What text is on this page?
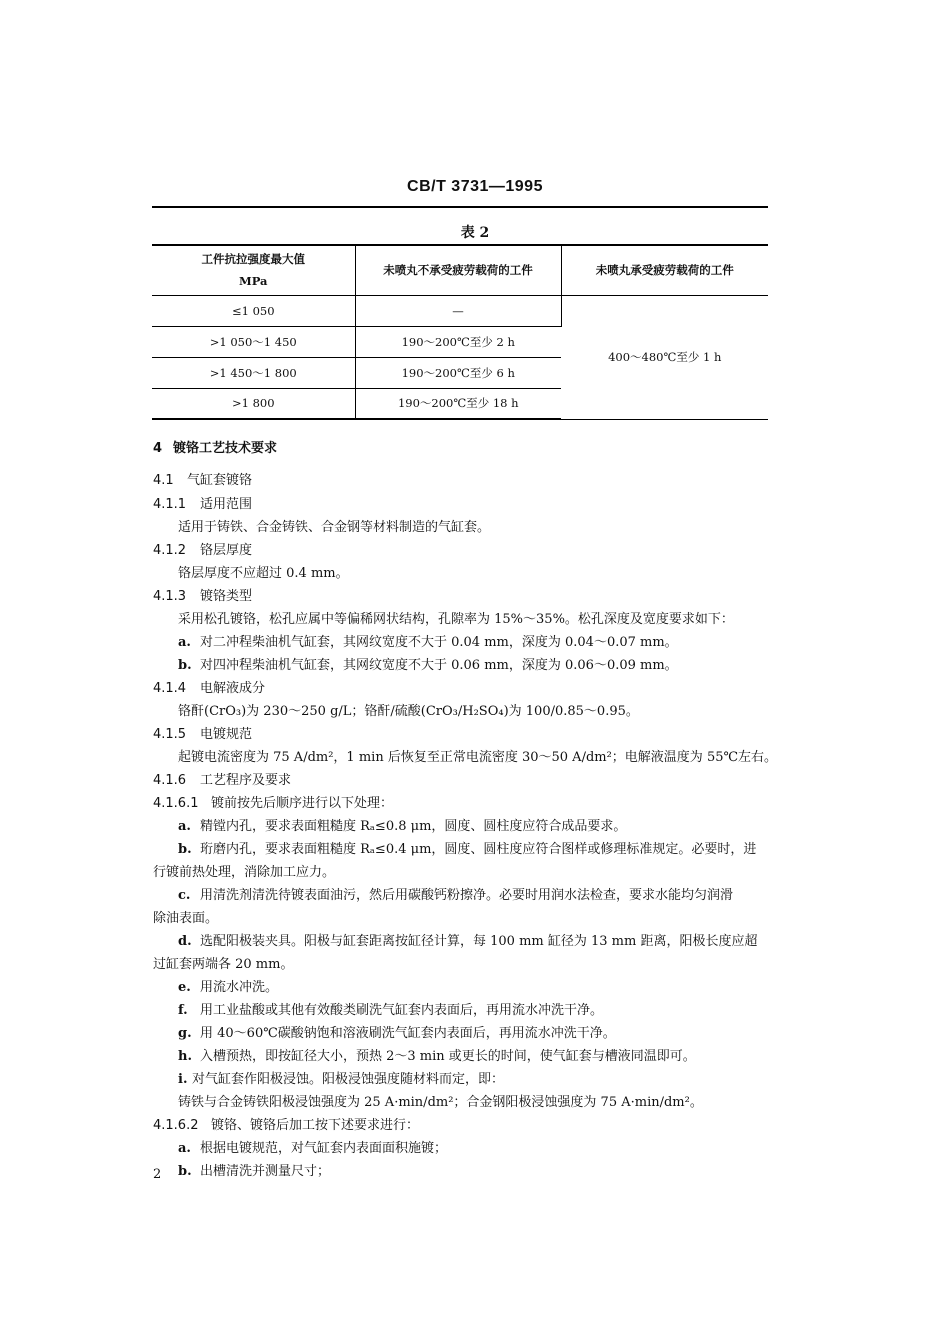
CB/T 3731—1995
表 2
工件抗拉强度最大值
MPa	未喷丸不承受疲劳载荷的工件	未喷丸承受疲劳载荷的工件
≤1 050	—	400～480℃至少 1 h
>1 050～1 450	190～200℃至少 2 h	
>1 450～1 800	190～200℃至少 6 h	
>1 800	190～200℃至少 18 h	
4 镀铬工艺技术要求
4.1 气缸套镀铬
4.1.1 适用范围
适用于铸铁、合金铸铁、合金钢等材料制造的气缸套。
4.1.2 铬层厚度
铬层厚度不应超过 0.4 mm。
4.1.3 镀铬类型
采用松孔镀铬，松孔应属中等偏稀网状结构，孔隙率为 15%～35%。松孔深度及宽度要求如下：
a. 对二冲程柴油机气缸套，其网纹宽度不大于 0.04 mm，深度为 0.04～0.07 mm。
b. 对四冲程柴油机气缸套，其网纹宽度不大于 0.06 mm，深度为 0.06～0.09 mm。
4.1.4 电解液成分
铬酐(CrO₃)为 230～250 g/L；铬酐/硫酸(CrO₃/H₂SO₄)为 100/0.85～0.95。
4.1.5 电镀规范
起镀电流密度为 75 A/dm²，1 min 后恢复至正常电流密度 30～50 A/dm²；电解液温度为 55℃左右。
4.1.6 工艺程序及要求
4.1.6.1 镀前按先后顺序进行以下处理：
a. 精镗内孔，要求表面粗糙度 Rₐ≤0.8 μm，圆度、圆柱度应符合成品要求。
b. 珩磨内孔，要求表面粗糙度 Rₐ≤0.4 μm，圆度、圆柱度应符合图样或修理标准规定。必要时，进
行镀前热处理，消除加工应力。
c. 用清洗剂清洗待镀表面油污，然后用碳酸钙粉擦净。必要时用润水法检查，要求水能均匀润滑
除油表面。
d. 选配阳极装夹具。阳极与缸套距离按缸径计算，每 100 mm 缸径为 13 mm 距离，阳极长度应超
过缸套两端各 20 mm。
e. 用流水冲洗。
f. 用工业盐酸或其他有效酸类刷洗气缸套内表面后，再用流水冲洗干净。
g. 用 40～60℃碳酸钠饱和溶液刷洗气缸套内表面后，再用流水冲洗干净。
h. 入槽预热，即按缸径大小，预热 2～3 min 或更长的时间，使气缸套与槽液同温即可。
i. 对气缸套作阳极浸蚀。阳极浸蚀强度随材料而定，即：
铸铁与合金铸铁阳极浸蚀强度为 25 A·min/dm²；合金钢阳极浸蚀强度为 75 A·min/dm²。
4.1.6.2 镀铬、镀铬后加工按下述要求进行：
a. 根据电镀规范，对气缸套内表面面积施镀；
b. 出槽清洗并测量尺寸；
2
